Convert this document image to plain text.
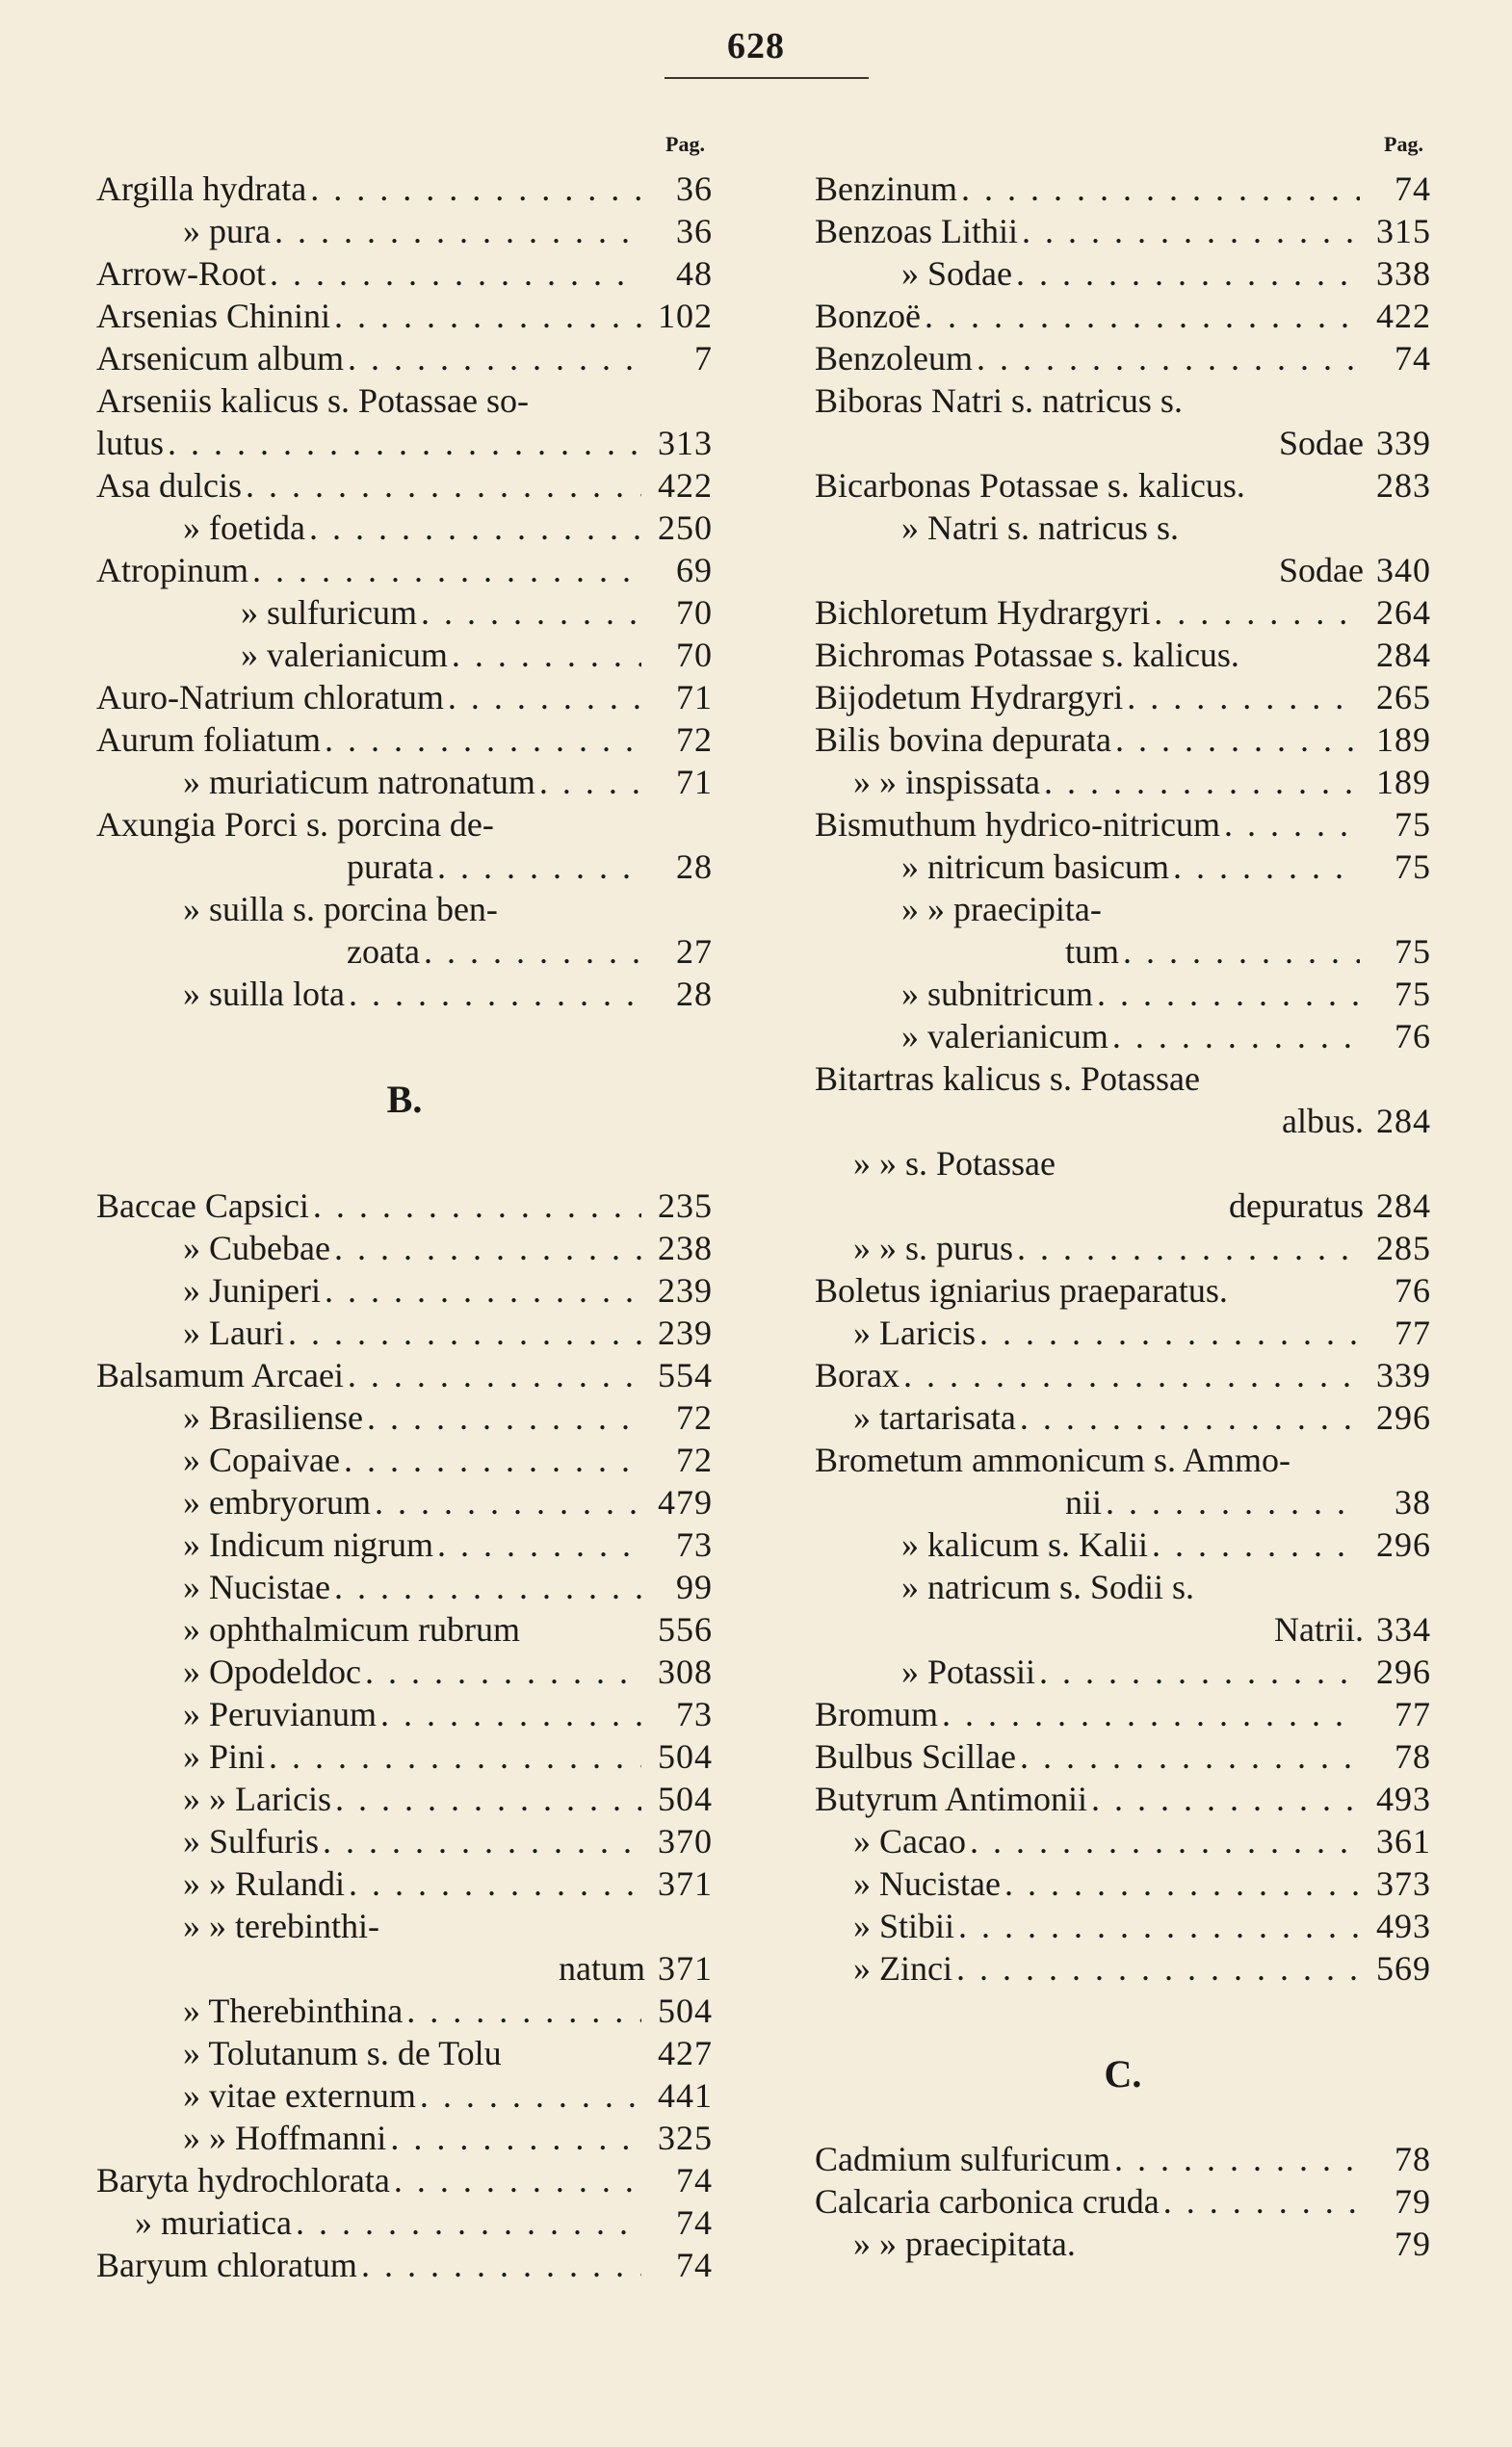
628
Pag.
Argilla hydrata . . .	36
» pura . . .	36
Arrow-Root . . .	48
Arsenias Chinini . . .	102
Arsenicum album . . .	7
Arseniis kalicus s. Potassae so-
lutus . . .	313
Asa dulcis . . .	422
» foetida . . .	250
Atropinum . . .	69
» sulfuricum . . .	70
» valerianicum . . .	70
Auro-Natrium chloratum . . .	71
Aurum foliatum . . .	72
» muriaticum natronatum . . .	71
Axungia Porci s. porcina de-
purata . . .	28
» suilla s. porcina ben-
zoata . . .	27
» suilla lota . . .	28
B.
Baccae Capsici . . .	235
» Cubebae . . .	238
» Juniperi . . .	239
» Lauri . . .	239
Balsamum Arcaei . . .	554
» Brasiliense . . .	72
» Copaivae . . .	72
» embryorum . . .	479
» Indicum nigrum . . .	73
» Nucistae . . .	99
» ophthalmicum rubrum	556
» Opodeldoc . . .	308
» Peruvianum . . .	73
» Pini . . .	504
» » Laricis . . .	504
» Sulfuris . . .	370
» » Rulandi . . .	371
» » terebinthi-
natum 371
» Therebinthina . . .	504
» Tolutanum s. de Tolu	427
» vitae externum . . .	441
» » Hoffmanni . . .	325
Baryta hydrochlorata . . .	74
» muriatica . . .	74
Baryum chloratum . . .	74
Pag.
Benzinum . . .	74
Benzoas Lithii . . .	315
» Sodae . . .	338
Bonzoë . . .	422
Benzoleum . . .	74
Biboras Natri s. natricus s.
Sodae 339
Bicarbonas Potassae s. kalicus.	283
» Natri s. natricus s.
Sodae 340
Bichloretum Hydrargyri . . .	264
Bichromas Potassae s. kalicus.	284
Bijodetum Hydrargyri . . .	265
Bilis bovina depurata . . .	189
» » inspissata . . .	189
Bismuthum hydrico-nitricum . . .	75
» nitricum basicum . . .	75
» » praecipita-
tum . . .	75
» subnitricum . . .	75
» valerianicum . . .	76
Bitartras kalicus s. Potassae
albus. 284
» » s. Potassae
depuratus 284
» » s. purus . . .	285
Boletus igniarius praeparatus.	76
» Laricis . . .	77
Borax . . .	339
» tartarisata . . .	296
Brometum ammonicum s. Ammo-
nii . . .	38
» kalicum s. Kalii . . .	296
» natricum s. Sodii s.
Natrii. 334
» Potassii . . .	296
Bromum . . .	77
Bulbus Scillae . . .	78
Butyrum Antimonii . . .	493
» Cacao . . .	361
» Nucistae . . .	373
» Stibii . . .	493
» Zinci . . .	569
C.
Cadmium sulfuricum . . .	78
Calcaria carbonica cruda . . .	79
» » praecipitata.	79
